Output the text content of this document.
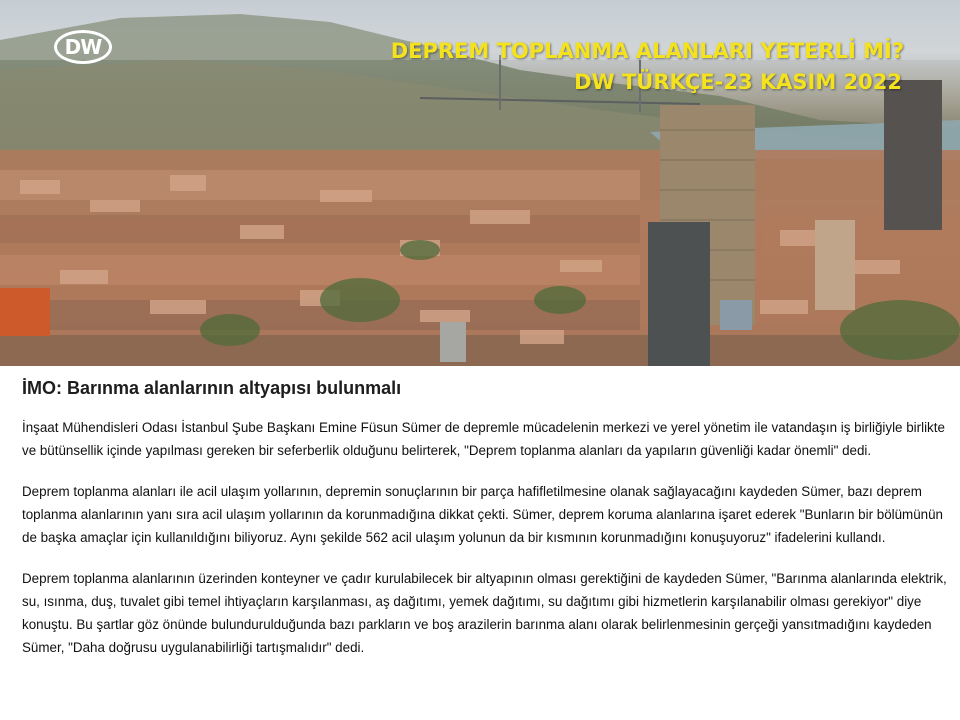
DW	DEPREM TOPLANMA ALANLARI YETERLİ Mİ?
DW TÜRKÇE-23 KASIM 2022
İMO: Barınma alanlarının altyapısı bulunmalı

İnşaat Mühendisleri Odası İstanbul Şube Başkanı Emine Füsun Sümer de depremle mücadelenin merkezi ve yerel yönetim ile vatandaşın iş birliğiyle birlikte ve bütünsellik içinde yapılması gereken bir seferberlik olduğunu belirterek, "Deprem toplanma alanları da yapıların güvenliği kadar önemli" dedi.

Deprem toplanma alanları ile acil ulaşım yollarının, depremin sonuçlarının bir parça hafifletilmesine olanak sağlayacağını kaydeden Sümer, bazı deprem toplanma alanlarının yanı sıra acil ulaşım yollarının da korunmadığına dikkat çekti. Sümer, deprem koruma alanlarına işaret ederek "Bunların bir bölümünün de başka amaçlar için kullanıldığını biliyoruz. Aynı şekilde 562 acil ulaşım yolunun da bir kısmının korunmadığını konuşuyoruz" ifadelerini kullandı.

Deprem toplanma alanlarının üzerinden konteyner ve çadır kurulabilecek bir altyapının olması gerektiğini de kaydeden Sümer, "Barınma alanlarında elektrik, su, ısınma, duş, tuvalet gibi temel ihtiyaçların karşılanması, aş dağıtımı, yemek dağıtımı, su dağıtımı gibi hizmetlerin karşılanabilir olması gerekiyor" diye konuştu. Bu şartlar göz önünde bulundurulduğunda bazı parkların ve boş arazilerin barınma alanı olarak belirlenmesinin gerçeği yansıtmadığını kaydeden Sümer, "Daha doğrusu uygulanabilirliği tartışmalıdır" dedi.
